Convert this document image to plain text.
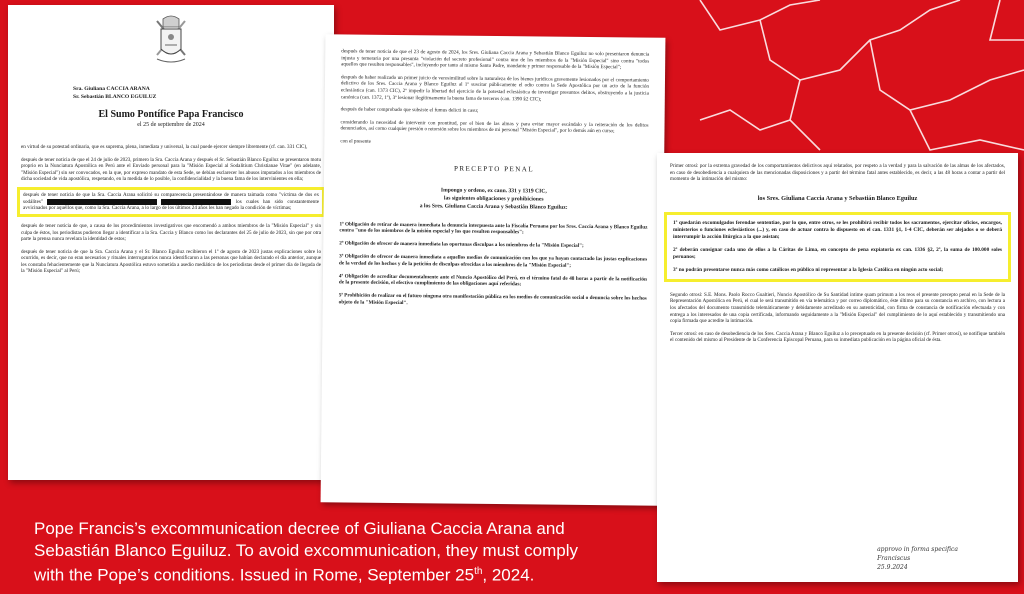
Sra. Giuliana CACCIA ARANA
Sr. Sebastián BLANCO EGUILUZ
El Sumo Pontífice Papa Francisco
el 25 de septiembre de 2024
en virtud de su potestad ordinaria, que es suprema, plena, inmediata y universal, la cual puede ejercer siempre libremente (cf. can. 331 CIC),
después de tener noticia de que el 24 de julio de 2023, primero la Sra. Caccia Arana y después el Sr. Sebastián Blanco Eguiluz se presentaron motu proprio en la Nunciatura Apostólica en Perú ante el Enviado personal para la "Misión Especial al Sodalitium Christianae Vitae" (en adelante, "Misión Especial") sin ser convocados, en la que, por expreso mandato de esta Sede, se debían esclarecer los abusos imputados a los miembros de dicha sociedad de vida apostólica, respetando, en la medida de lo posible, la confidencialidad y la buena fama de los intervinientes en ella;
después de tener noticia de que la Sra. Caccia Arana solicitó su comparecencia presentándose de manera taimada como "víctima de dos ex sodálites"	los cuales han sido constantemente avvicinados por aquéllos que, como la Sra. Caccia Arana, a lo largo de los últimos 24 años les han negado la condición de víctimas;
después de tener noticia de que, a causa de los procedimientos investigativos que encomendó a ambos miembros de la "Misión Especial" y sin culpa de éstos, los periodistas pudieron llegar a identificar a la Sra. Caccia y Blanco como los declarantes del 25 de julio de 2023, sin que por otra parte la prensa nunca revelara la identidad de estos;
después de tener noticia de que la Sra. Caccia Arana y el Sr. Blanco Eguiluz recibieron el 1º de agosto de 2023 justas explicaciones sobre lo ocurrido, es decir, que no eran necesarios y rituales interrogatorios nunca identificaron a las personas que habían declarado el día anterior, aunque les constaba fehacientemente que la Nunciatura Apostólica estuvo sometida a asedio mediático de los periodistas desde el primer día de llegada de la "Misión Especial" al Perú;
después de tener noticia de que el 23 de agosto de 2024, los Sres. Giuliana Caccia Arana y Sebastián Blanco Eguiluz no solo presentaron denuncia injusta y temeraria por una presunta "violación del secreto profesional" contra uno de los miembros de la "Misión Especial" sino contra "todos aquellos que resulten responsables", incluyendo por tanto al mismo Santo Padre, mandante y primer responsable de la "Misión Especial";
después de haber realizado un primer juicio de verosimilitud sobre la naturaleza de los bienes jurídicos gravemente lesionados por el comportamiento delictivo de los Sres. Caccia Arana y Blanco Eguiluz al 1º suscitar públicamente el odio contra la Sede Apostólica por un acto de la función eclesiástica (can. 1373 CIC), 2º impedir la libertad del ejercicio de la potestad eclesiástica de investigar presuntos delitos, obstruyendo a la justicia canónica (can. 1372, 1º), 3º lesionar ilegítimamente la buena fama de terceros (can. 1390 §2 CIC);
después de haber comprobado que subsiste el fumus delicti in casu;
considerando la necesidad de intervenir con prontitud, por el bien de las almas y para evitar mayor escándalo y la reiteración de los delitos denunciados, así como cualquier presión o retorsión sobre los miembros de mi personal "Misión Especial", por lo demás aún en curso;
con el presente
PRECEPTO PENAL
Impongo y ordeno, ex cann. 331 y 1319 CIC,
las siguientes obligaciones y prohibiciones
a los Sres. Giuliana Caccia Arana y Sebastián Blanco Eguiluz:
1ª Obligación de retirar de manera inmediata la denuncia interpuesta ante la Fiscalía Peruana por los Sres. Caccia Arana y Blanco Eguiluz contra "uno de los miembros de la misión especial y los que resulten responsables";
2ª Obligación de ofrecer de manera inmediata las oportunas disculpas a los miembros de la "Misión Especial";
3ª Obligación de ofrecer de manera inmediata a aquellos medios de comunicación con los que ya hayan contactado las justas explicaciones de la verdad de los hechos y de la petición de disculpas ofrecidas a los miembros de la "Misión Especial";
4ª Obligación de acreditar documentalmente ante el Nuncio Apostólico del Perú, en el término fatal de 48 horas a partir de la notificación de la presente decisión, el efectivo cumplimiento de las obligaciones aquí referidas;
5ª Prohibición de realizar en el futuro ninguna otra manifestación pública en los medios de comunicación social o denuncia sobre los hechos objeto de la "Misión Especial".
Primer otrosí: por la extrema gravedad de los comportamientos delictivos aquí relatados, por respeto a la verdad y para la salvación de las almas de los afectados, en caso de desobediencia a cualquiera de las mencionadas disposiciones y a partir del término fatal antes establecido, es decir, a las 48 horas a contar a partir del momento de la intimación del mismo:
los Sres. Giuliana Caccia Arana y Sebastián Blanco Eguiluz
1º quedarán excomulgados ferendae sententiae, por lo que, entre otros, se les prohibirá recibir todos los sacramentos, ejercitar oficios, encargos, ministerios o funciones eclesiásticos (...) y, en caso de actuar contra lo dispuesto en el can. 1331 §1, 1-4 CIC, deberán ser alejados o se deberá interrumpir la acción litúrgica a la que asistan;
2º deberán consignar cada uno de ellos a la Cáritas de Lima, en concepto de pena expiatoria ex can. 1336 §2, 2º, la suma de 100.000 soles peruanos;
3º no podrán presentarse nunca más como católicos en público ni representar a la Iglesia Católica en ningún acto social;
Segundo otrosí: S.E. Mons. Paolo Rocco Gualtieri, Nuncio Apostólico de Su Santidad intime quam primum a los reos el presente precepto penal en la Sede de la Representación Apostólica en Perú, el cual le será transmitido en vía telemática y por correo diplomático, éste último para su constancia en archivo, con lectura a los afectados del documento transmitido telemáticamente y debidamente acreditado en su autenticidad, con firma de constancia de notificación efectuada y con entrega a los interesados de una copia certificada, informando seguidamente a la "Misión Especial" del cumplimiento de lo aquí establecido y transmitiendo una copia firmada que acredite la intimación.
Tercer otrosí: en caso de desobediencia de los Sres. Caccia Arana y Blanco Eguiluz a lo preceptuado en la presente decisión (cf. Primer otrosí), se notifique también el contenido del mismo al Presidente de la Conferencia Episcopal Peruana, para su inmediata publicación en la página oficial de ésta.
approvo in forma specifica
Franciscus
25.9.2024
Pope Francis’s excommunication decree of Giuliana Caccia Arana and
Sebastián Blanco Eguiluz. To avoid excommunication, they must comply
with the Pope’s conditions. Issued in Rome, September 25th, 2024.
